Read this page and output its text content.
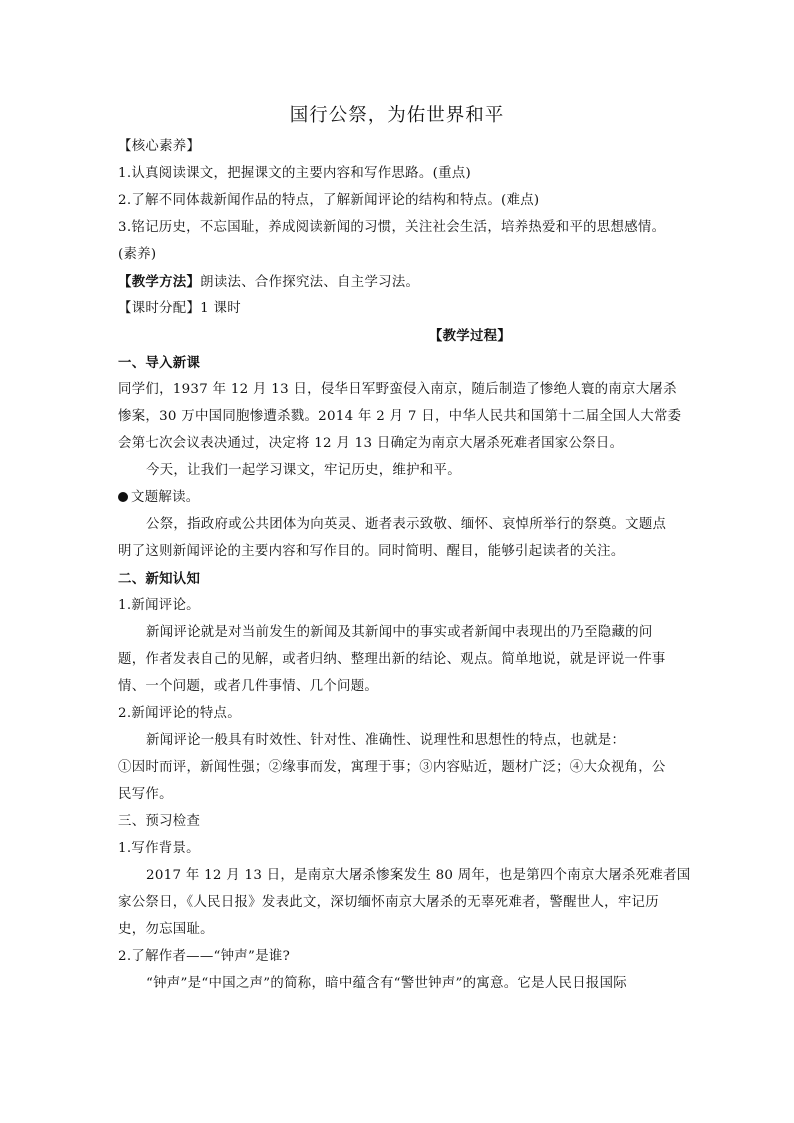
国行公祭，为佑世界和平
【核心素养】
1.认真阅读课文，把握课文的主要内容和写作思路。(重点)
2.了解不同体裁新闻作品的特点，了解新闻评论的结构和特点。(难点)
3.铭记历史，不忘国耻，养成阅读新闻的习惯，关注社会生活，培养热爱和平的思想感情。
(素养)
【教学方法】朗读法、合作探究法、自主学习法。
【课时分配】1 课时
【教学过程】
一、导入新课
同学们，1937 年 12 月 13 日，侵华日军野蛮侵入南京，随后制造了惨绝人寰的南京大屠杀
惨案，30 万中国同胞惨遭杀戮。2014 年 2 月 7 日，中华人民共和国第十二届全国人大常委
会第七次会议表决通过，决定将 12 月 13 日确定为南京大屠杀死难者国家公祭日。
今天，让我们一起学习课文，牢记历史，维护和平。
文题解读。
公祭，指政府或公共团体为向英灵、逝者表示致敬、缅怀、哀悼所举行的祭奠。文题点
明了这则新闻评论的主要内容和写作目的。同时简明、醒目，能够引起读者的关注。
二、新知认知
1.新闻评论。
新闻评论就是对当前发生的新闻及其新闻中的事实或者新闻中表现出的乃至隐藏的问
题，作者发表自己的见解，或者归纳、整理出新的结论、观点。简单地说，就是评说一件事
情、一个问题，或者几件事情、几个问题。
2.新闻评论的特点。
新闻评论一般具有时效性、针对性、准确性、说理性和思想性的特点，也就是：
①因时而评，新闻性强；②缘事而发，寓理于事；③内容贴近，题材广泛；④大众视角，公
民写作。
三、预习检查
1.写作背景。
2017 年 12 月 13 日，是南京大屠杀惨案发生 80 周年，也是第四个南京大屠杀死难者国
家公祭日，《人民日报》发表此文，深切缅怀南京大屠杀的无辜死难者，警醒世人，牢记历
史，勿忘国耻。
2.了解作者——“钟声”是谁?
“钟声”是“中国之声”的简称，暗中蕴含有“警世钟声”的寓意。它是人民日报国际
